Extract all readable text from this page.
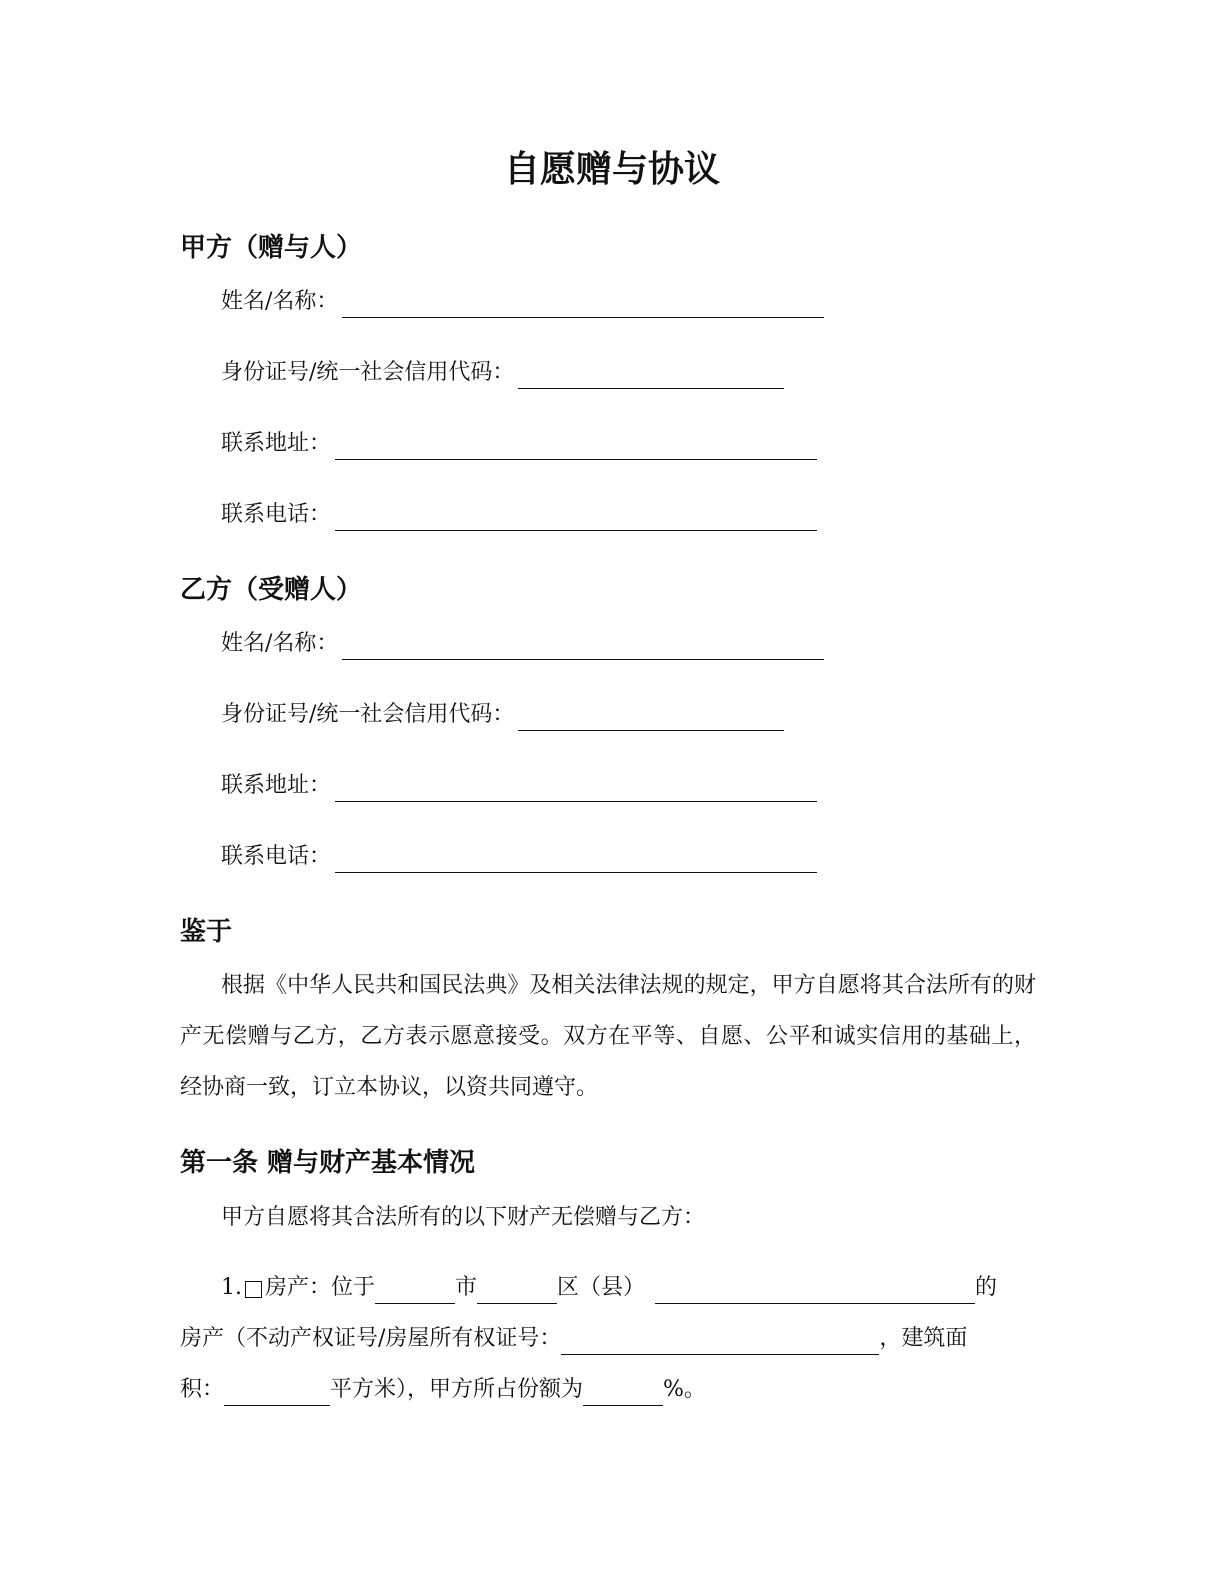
自愿赠与协议
甲方（赠与人）
姓名/名称：
身份证号/统一社会信用代码：
联系地址：
联系电话：
乙方（受赠人）
姓名/名称：
身份证号/统一社会信用代码：
联系地址：
联系电话：
鉴于

根据《中华人民共和国民法典》及相关法律法规的规定，甲方自愿将其合法所有的财产无偿赠与乙方，乙方表示愿意接受。双方在平等、自愿、公平和诚实信用的基础上，经协商一致，订立本协议，以资共同遵守。

第一条 赠与财产基本情况
甲方自愿将其合法所有的以下财产无偿赠与乙方：
1. 房产：位于	市	区（县）	的
房产（不动产权证号/房屋所有权证号：	，建筑面
积：	平方米），甲方所占份额为	%。
